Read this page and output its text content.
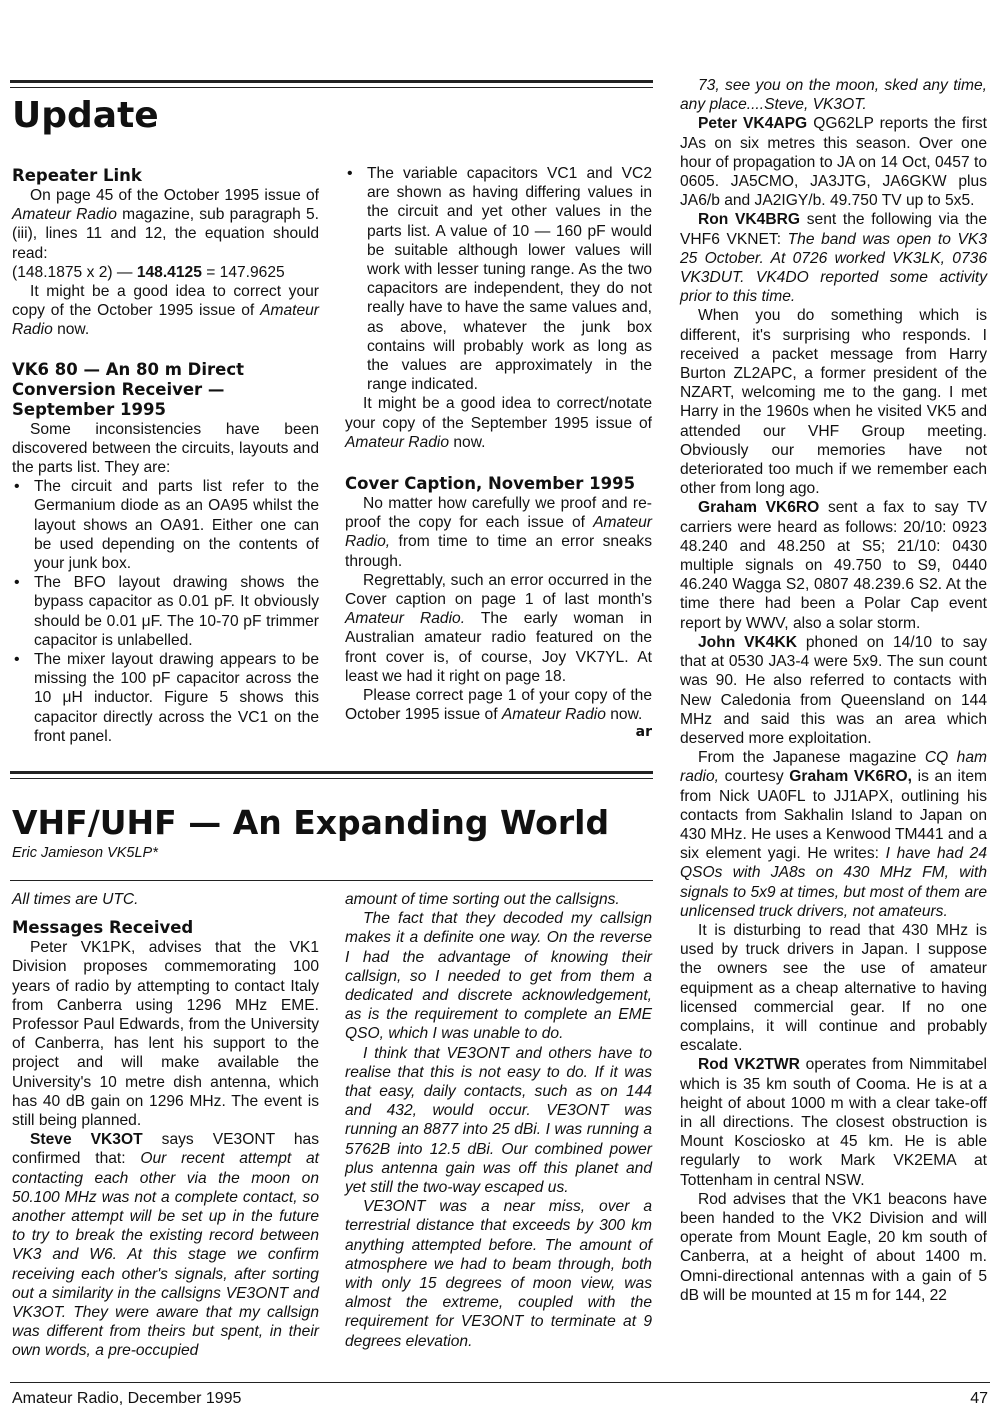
Update
Repeater Link

On page 45 of the October 1995 issue of Amateur Radio magazine, sub paragraph 5. (iii), lines 11 and 12, the equation should read:

(148.1875 x 2) — 148.4125 = 147.9625

It might be a good idea to correct your copy of the October 1995 issue of Amateur Radio now.

VK6 80 — An 80 m Direct Conversion Receiver — September 1995

Some inconsistencies have been discovered between the circuits, layouts and the parts list. They are:

• The circuit and parts list refer to the Germanium diode as an OA95 whilst the layout shows an OA91. Either one can be used depending on the contents of your junk box.
• The BFO layout drawing shows the bypass capacitor as 0.01 pF. It obviously should be 0.01 μF. The 10-70 pF trimmer capacitor is unlabelled.
• The mixer layout drawing appears to be missing the 100 pF capacitor across the 10 μH inductor. Figure 5 shows this capacitor directly across the VC1 on the front panel.
• The variable capacitors VC1 and VC2 are shown as having differing values in the circuit and yet other values in the parts list. A value of 10 — 160 pF would be suitable although lower values will work with lesser tuning range. As the two capacitors are independent, they do not really have to have the same values and, as above, whatever the junk box contains will probably work as long as the values are approximately in the range indicated.

It might be a good idea to correct/notate your copy of the September 1995 issue of Amateur Radio now.

Cover Caption, November 1995

No matter how carefully we proof and re-proof the copy for each issue of Amateur Radio, from time to time an error sneaks through.

Regrettably, such an error occurred in the Cover caption on page 1 of last month's Amateur Radio. The early woman in Australian amateur radio featured on the front cover is, of course, Joy VK7YL. At least we had it right on page 18.

Please correct page 1 of your copy of the October 1995 issue of Amateur Radio now.

ar
VHF/UHF — An Expanding World
Eric Jamieson VK5LP*

All times are UTC.

Messages Received

Peter VK1PK, advises that the VK1 Division proposes commemorating 100 years of radio by attempting to contact Italy from Canberra using 1296 MHz EME. Professor Paul Edwards, from the University of Canberra, has lent his support to the project and will make available the University's 10 metre dish antenna, which has 40 dB gain on 1296 MHz. The event is still being planned.

Steve VK3OT says VE3ONT has confirmed that: Our recent attempt at contacting each other via the moon on 50.100 MHz was not a complete contact, so another attempt will be set up in the future to try to break the existing record between VK3 and W6. At this stage we confirm receiving each other's signals, after sorting out a similarity in the callsigns VE3ONT and VK3OT. They were aware that my callsign was different from theirs but spent, in their own words, a pre-occupied

amount of time sorting out the callsigns.

The fact that they decoded my callsign makes it a definite one way. On the reverse I had the advantage of knowing their callsign, so I needed to get from them a dedicated and discrete acknowledgement, as is the requirement to complete an EME QSO, which I was unable to do.

I think that VE3ONT and others have to realise that this is not easy to do. If it was that easy, daily contacts, such as on 144 and 432, would occur. VE3ONT was running an 8877 into 25 dBi. I was running a 5762B into 12.5 dBi. Our combined power plus antenna gain was off this planet and yet still the two-way escaped us.

VE3ONT was a near miss, over a terrestrial distance that exceeds by 300 km anything attempted before. The amount of atmosphere we had to beam through, both with only 15 degrees of moon view, was almost the extreme, coupled with the requirement for VE3ONT to terminate at 9 degrees elevation.

73, see you on the moon, sked any time, any place....Steve, VK3OT.

Peter VK4APG QG62LP reports the first JAs on six metres this season. Over one hour of propagation to JA on 14 Oct, 0457 to 0605. JA5CMO, JA3JTG, JA6GKW plus JA6/b and JA2IGY/b. 49.750 TV up to 5x5.

Ron VK4BRG sent the following via the VHF6 VKNET: The band was open to VK3 25 October. At 0726 worked VK3LK, 0736 VK3DUT. VK4DO reported some activity prior to this time.

When you do something which is different, it's surprising who responds. I received a packet message from Harry Burton ZL2APC, a former president of the NZART, welcoming me to the gang. I met Harry in the 1960s when he visited VK5 and attended our VHF Group meeting. Obviously our memories have not deteriorated too much if we remember each other from long ago.

Graham VK6RO sent a fax to say TV carriers were heard as follows: 20/10: 0923 48.240 and 48.250 at S5; 21/10: 0430 multiple signals on 49.750 to S9, 0440 46.240 Wagga S2, 0807 48.239.6 S2. At the time there had been a Polar Cap event report by WWV, also a solar storm.

John VK4KK phoned on 14/10 to say that at 0530 JA3-4 were 5x9. The sun count was 90. He also referred to contacts with New Caledonia from Queensland on 144 MHz and said this was an area which deserved more exploitation.

From the Japanese magazine CQ ham radio, courtesy Graham VK6RO, is an item from Nick UA0FL to JJ1APX, outlining his contacts from Sakhalin Island to Japan on 430 MHz. He uses a Kenwood TM441 and a six element yagi. He writes: I have had 24 QSOs with JA8s on 430 MHz FM, with signals to 5x9 at times, but most of them are unlicensed truck drivers, not amateurs.

It is disturbing to read that 430 MHz is used by truck drivers in Japan. I suppose the owners see the use of amateur equipment as a cheap alternative to having licensed commercial gear. If no one complains, it will continue and probably escalate.

Rod VK2TWR operates from Nimmitabel which is 35 km south of Cooma. He is at a height of about 1000 m with a clear take-off in all directions. The closest obstruction is Mount Kosciosko at 45 km. He is able regularly to work Mark VK2EMA at Tottenham in central NSW.

Rod advises that the VK1 beacons have been handed to the VK2 Division and will operate from Mount Eagle, 20 km south of Canberra, at a height of about 1400 m. Omni-directional antennas with a gain of 5 dB will be mounted at 15 m for 144, 22

Amateur Radio, December 1995	47
